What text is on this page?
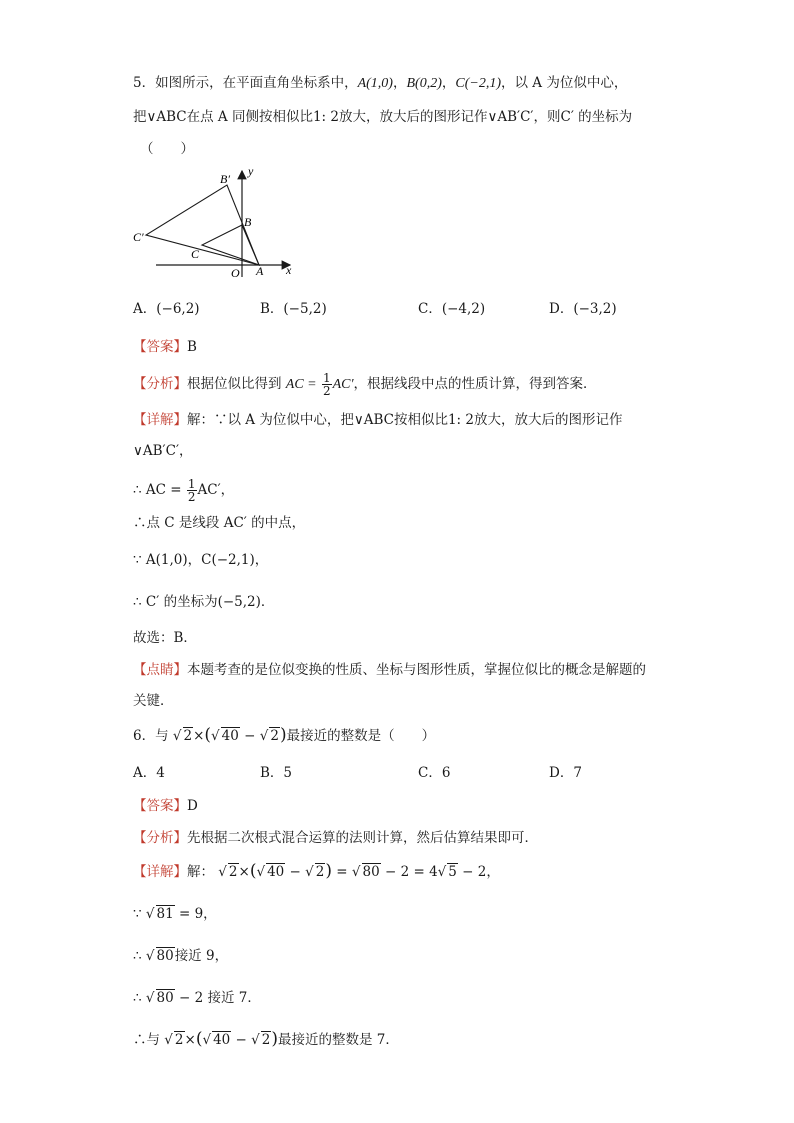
5．如图所示，在平面直角坐标系中，A(1,0)，B(0,2)，C(−2,1)，以 A 为位似中心，
把∨ABC在点 A 同侧按相似比1: 2放大，放大后的图形记作∨AB′C′，则C′ 的坐标为
（　　）
B′
y
B
C′
C
O A x
A．(−6,2)	B．(−5,2)	C．(−4,2)	D．(−3,2)
【答案】B
【分析】根据位似比得到 AC = $\frac{1}{2} AC'$，根据线段中点的性质计算，得到答案．
【详解】解：∵以 A 为位似中心，把∨ABC按相似比1: 2放大，放大后的图形记作
∨AB′C′，
∴ AC = $\frac{1}{2} AC'$，
∴点 C 是线段 AC′ 的中点，
∵ A(1,0)，C(−2,1)，
∴ C′ 的坐标为(−5,2)．
故选：B．
【点睛】本题考查的是位似变换的性质、坐标与图形性质，掌握位似比的概念是解题的
关键．
6．与 √ 2×(√ 40 − √ 2)最接近的整数是（　　）
A．4	B．5	C．6	D．7
【答案】D
【分析】先根据二次根式混合运算的法则计算，然后估算结果即可．
【详解】解： √ 2×(√ 40 − √ 2) = √ 80 − 2 = 4√ 5 − 2，
∵ √ 81 = 9，
∴ √ 80接近 9，
∴ √ 80 − 2 接近 7．
∴与 √ 2×(√ 40 − √ 2)最接近的整数是 7．
